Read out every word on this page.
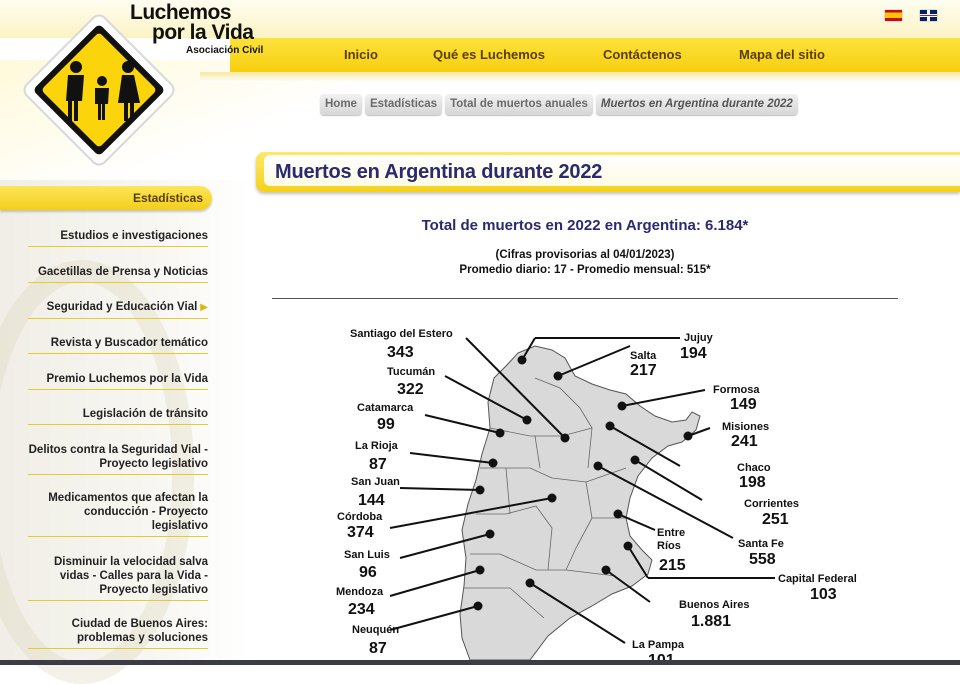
Luchemos
por la Vida
Asociación Civil	Inicio	Qué es Luchemos	Contáctenos	Mapa del sitio
Home	Estadísticas	Total de muertos anuales	Muertos en Argentina durante 2022
Estadísticas
Estudios e investigaciones
Gacetillas de Prensa y Noticias
Seguridad y Educación Vial ▶
Revista y Buscador temático
Premio Luchemos por la Vida
Legislación de tránsito
Delitos contra la Seguridad Vial - Proyecto legislativo
Medicamentos que afectan la conducción - Proyecto legislativo
Disminuir la velocidad salva vidas - Calles para la Vida - Proyecto legislativo
Ciudad de Buenos Aires: problemas y soluciones
Muertos en Argentina durante 2022
Total de muertos en 2022 en Argentina: 6.184*
(Cifras provisorias al 04/01/2023)
Promedio diario: 17 - Promedio mensual: 515*
Santiago del Estero
343
Tucumán
322
Catamarca
99
La Rioja
87
San Juan
144
Córdoba
374
San Luis
96
Mendoza
234
Neuquén
87
Jujuy
194
Salta
217
Formosa
149
Misiones
241
Chaco
198
Corrientes
251
Santa Fe
558
Entre
Ríos
215
Capital Federal
103
Buenos Aires
1.881
La Pampa
